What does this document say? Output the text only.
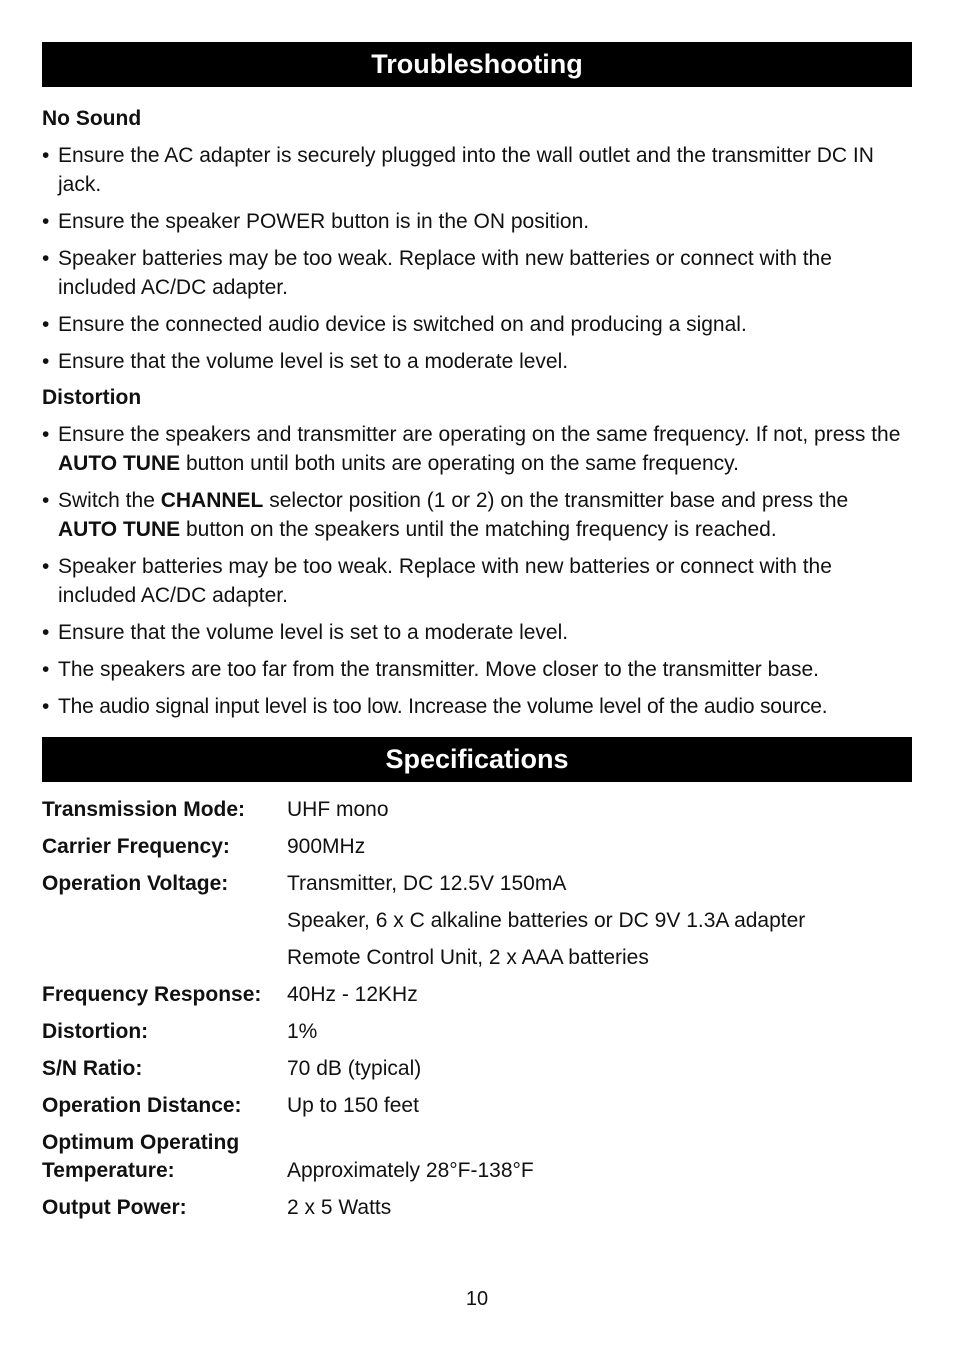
Troubleshooting
No Sound
• Ensure the AC adapter is securely plugged into the wall outlet and the transmitter DC IN jack.
• Ensure the speaker POWER button is in the ON position.
• Speaker batteries may be too weak. Replace with new batteries or connect with the included AC/DC adapter.
• Ensure the connected audio device is switched on and producing a signal.
• Ensure that the volume level is set to a moderate level.
Distortion
• Ensure the speakers and transmitter are operating on the same frequency. If not, press the AUTO TUNE button until both units are operating on the same frequency.
• Switch the CHANNEL selector position (1 or 2) on the transmitter base and press the AUTO TUNE button on the speakers until the matching frequency is reached.
• Speaker batteries may be too weak. Replace with new batteries or connect with the included AC/DC adapter.
• Ensure that the volume level is set to a moderate level.
• The speakers are too far from the transmitter. Move closer to the transmitter base.
• The audio signal input level is too low. Increase the volume level of the audio source.
Specifications
Transmission Mode:	UHF mono
Carrier Frequency:	900MHz
Operation Voltage:	Transmitter, DC 12.5V 150mA
Speaker, 6 x C alkaline batteries or DC 9V 1.3A adapter
Remote Control Unit, 2 x AAA batteries
Frequency Response:	40Hz - 12KHz
Distortion:	1%
S/N Ratio:	70 dB (typical)
Operation Distance:	Up to 150 feet
Optimum Operating
Temperature:	Approximately 28°F-138°F
Output Power:	2 x 5 Watts
10
